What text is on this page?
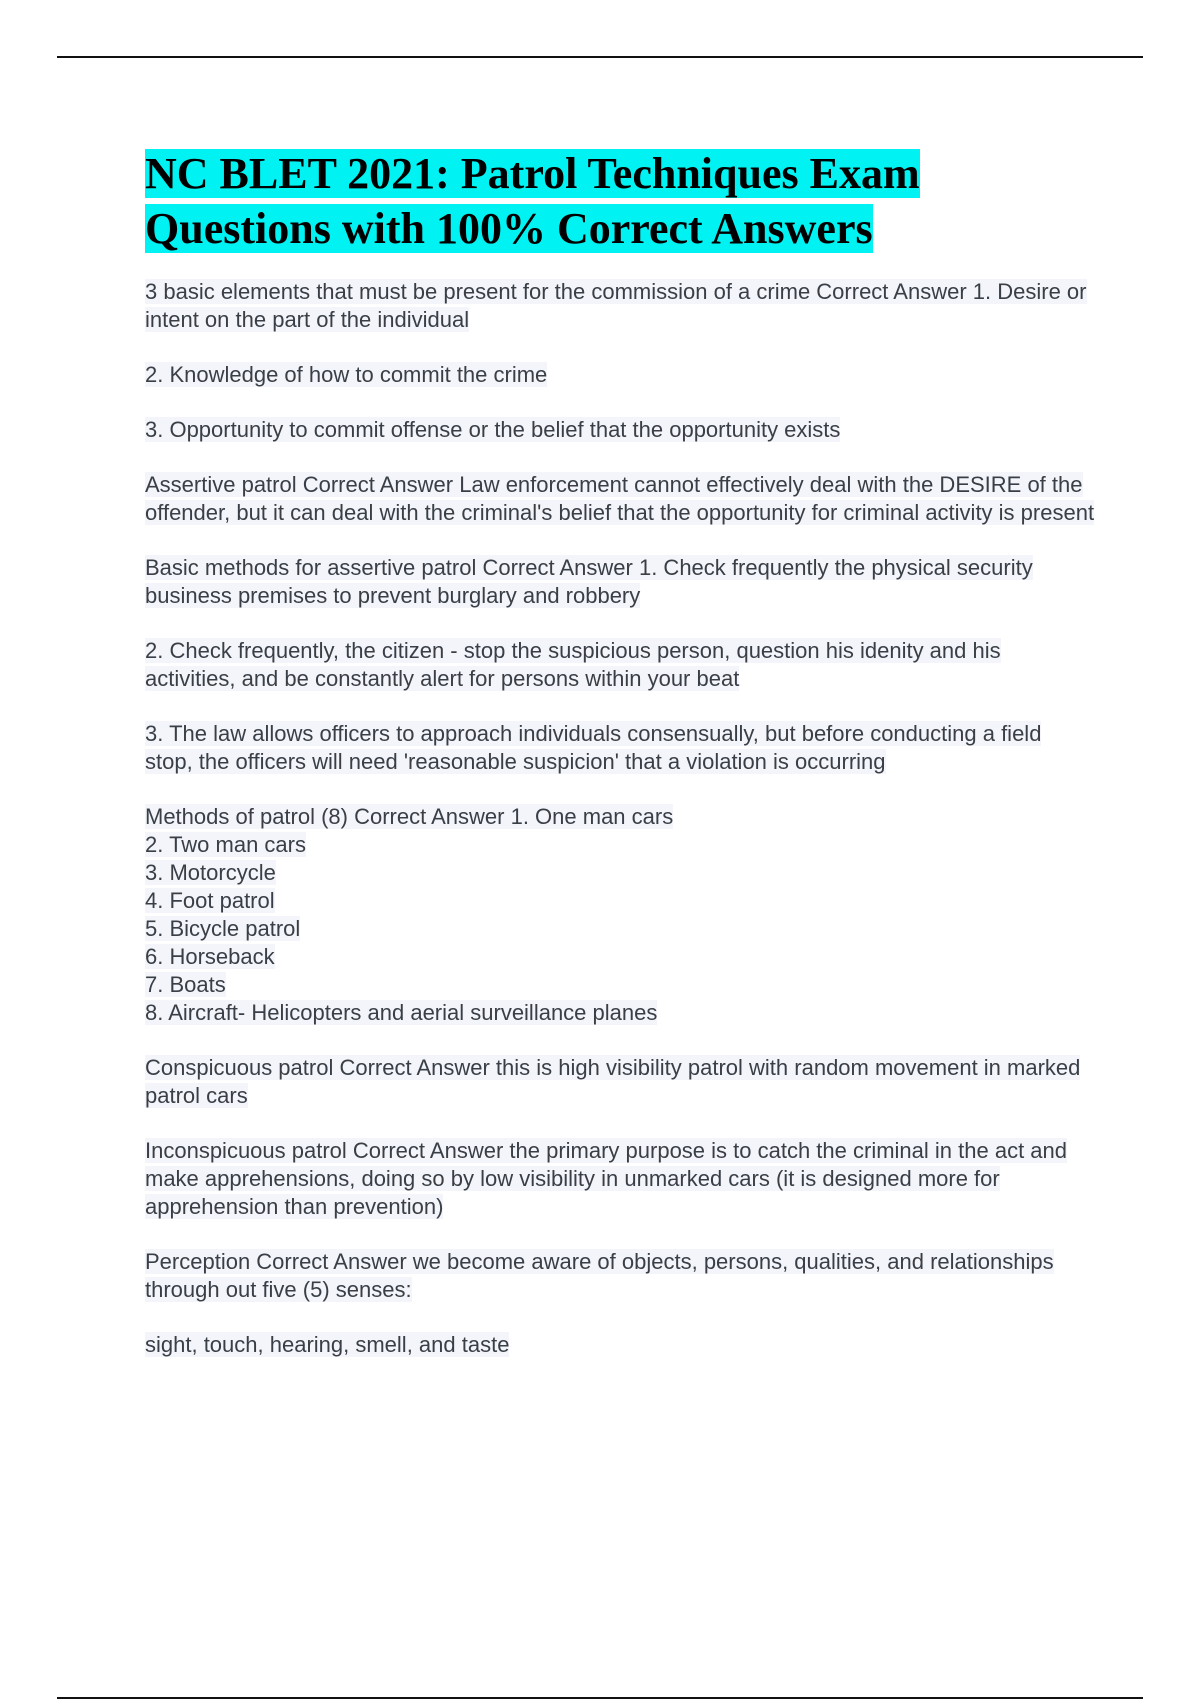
NC BLET 2021: Patrol Techniques Exam Questions with 100% Correct Answers

3 basic elements that must be present for the commission of a crime Correct Answer 1. Desire or intent on the part of the individual

2. Knowledge of how to commit the crime

3. Opportunity to commit offense or the belief that the opportunity exists

Assertive patrol Correct Answer Law enforcement cannot effectively deal with the DESIRE of the offender, but it can deal with the criminal's belief that the opportunity for criminal activity is present

Basic methods for assertive patrol Correct Answer 1. Check frequently the physical security business premises to prevent burglary and robbery

2. Check frequently, the citizen - stop the suspicious person, question his idenity and his activities, and be constantly alert for persons within your beat

3. The law allows officers to approach individuals consensually, but before conducting a field stop, the officers will need 'reasonable suspicion' that a violation is occurring

Methods of patrol (8) Correct Answer 1. One man cars
2. Two man cars
3. Motorcycle
4. Foot patrol
5. Bicycle patrol
6. Horseback
7. Boats
8. Aircraft- Helicopters and aerial surveillance planes

Conspicuous patrol Correct Answer this is high visibility patrol with random movement in marked patrol cars

Inconspicuous patrol Correct Answer the primary purpose is to catch the criminal in the act and make apprehensions, doing so by low visibility in unmarked cars (it is designed more for apprehension than prevention)

Perception Correct Answer we become aware of objects, persons, qualities, and relationships through out five (5) senses:

sight, touch, hearing, smell, and taste
